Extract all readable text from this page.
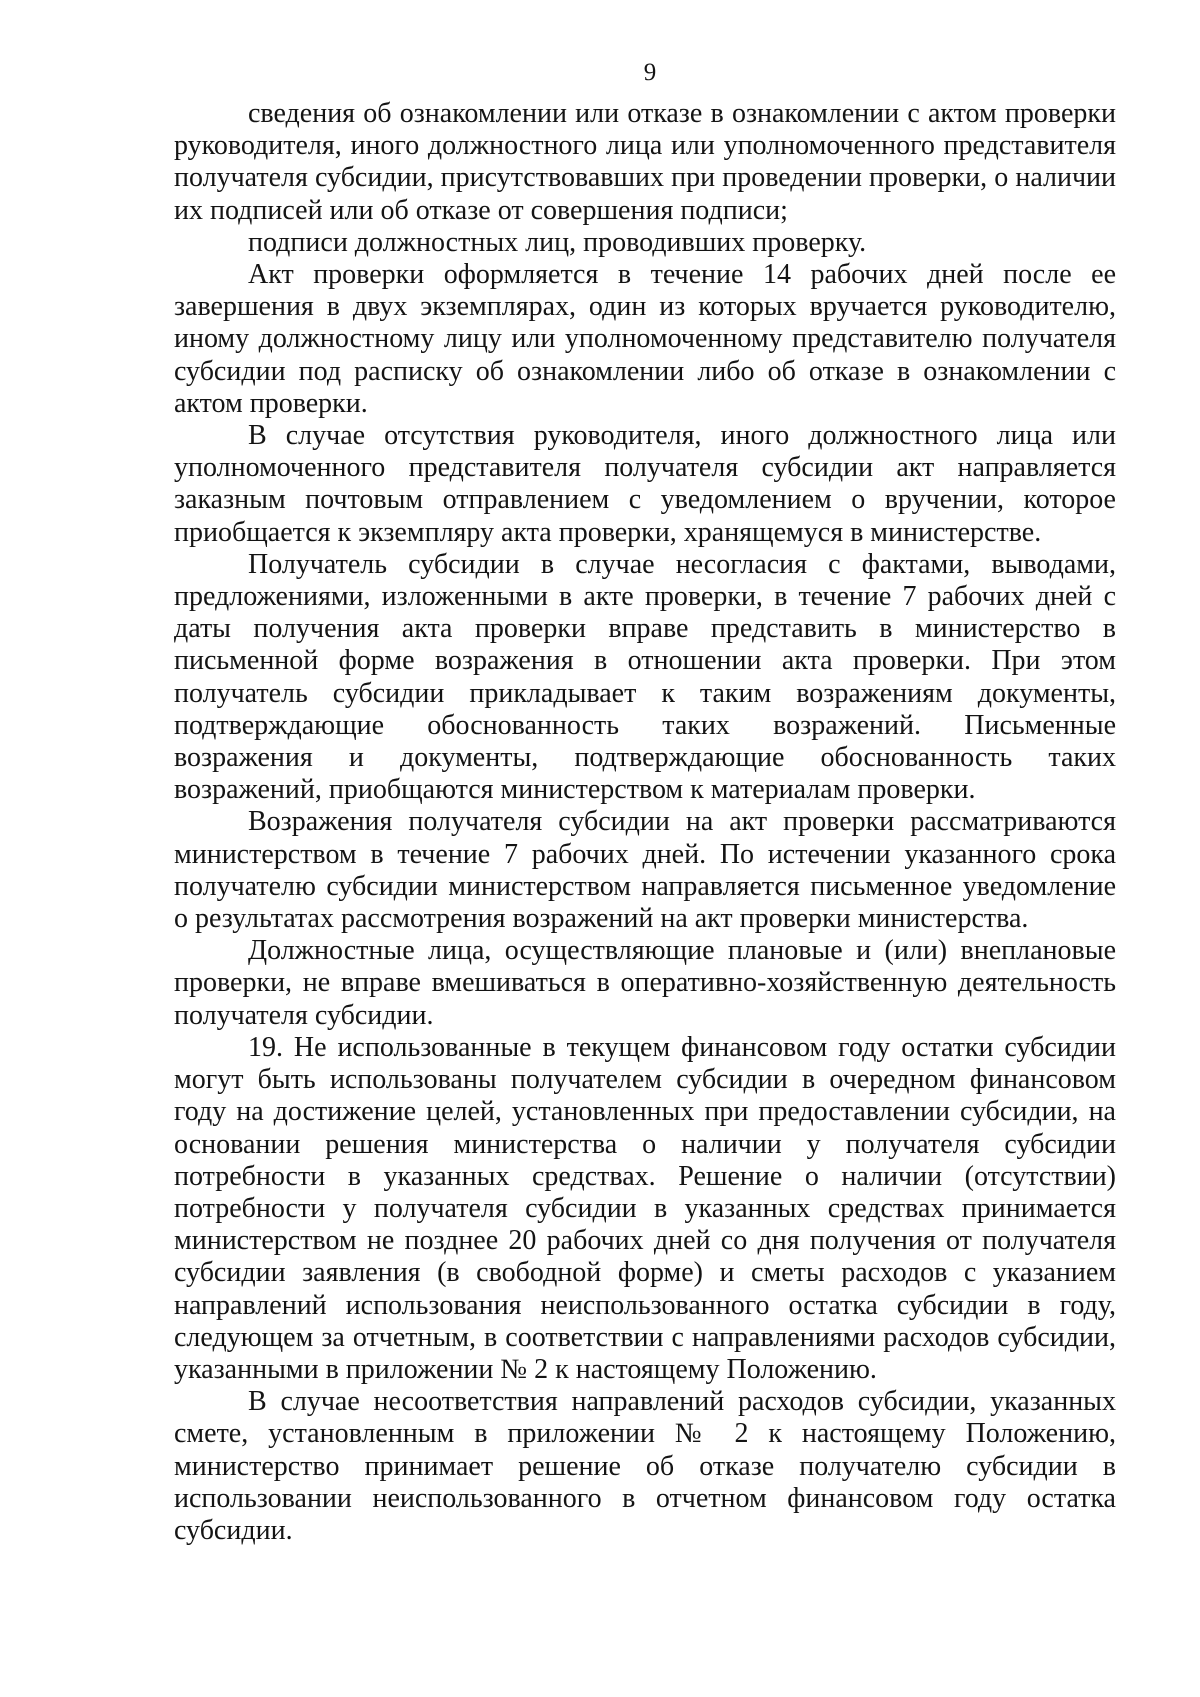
9

сведения об ознакомлении или отказе в ознакомлении с актом проверки руководителя, иного должностного лица или уполномоченного представителя получателя субсидии, присутствовавших при проведении проверки, о наличии их подписей или об отказе от совершения подписи;

подписи должностных лиц, проводивших проверку.

Акт проверки оформляется в течение 14 рабочих дней после ее завершения в двух экземплярах, один из которых вручается руководителю, иному должностному лицу или уполномоченному представителю получателя субсидии под расписку об ознакомлении либо об отказе в ознакомлении с актом проверки.

В случае отсутствия руководителя, иного должностного лица или уполномоченного представителя получателя субсидии акт направляется заказным почтовым отправлением с уведомлением о вручении, которое приобщается к экземпляру акта проверки, хранящемуся в министерстве.

Получатель субсидии в случае несогласия с фактами, выводами, предложениями, изложенными в акте проверки, в течение 7 рабочих дней с даты получения акта проверки вправе представить в министерство в письменной форме возражения в отношении акта проверки. При этом получатель субсидии прикладывает к таким возражениям документы, подтверждающие обоснованность таких возражений. Письменные возражения и документы, подтверждающие обоснованность таких возражений, приобщаются министерством к материалам проверки.

Возражения получателя субсидии на акт проверки рассматриваются министерством в течение 7 рабочих дней. По истечении указанного срока получателю субсидии министерством направляется письменное уведомление о результатах рассмотрения возражений на акт проверки министерства.

Должностные лица, осуществляющие плановые и (или) внеплановые проверки, не вправе вмешиваться в оперативно-хозяйственную деятельность получателя субсидии.

19. Не использованные в текущем финансовом году остатки субсидии могут быть использованы получателем субсидии в очередном финансовом году на достижение целей, установленных при предоставлении субсидии, на основании решения министерства о наличии у получателя субсидии потребности в указанных средствах. Решение о наличии (отсутствии) потребности у получателя субсидии в указанных средствах принимается министерством не позднее 20 рабочих дней со дня получения от получателя субсидии заявления (в свободной форме) и сметы расходов с указанием направлений использования неиспользованного остатка субсидии в году, следующем за отчетным, в соответствии с направлениями расходов субсидии, указанными в приложении № 2 к настоящему Положению.

В случае несоответствия направлений расходов субсидии, указанных смете, установленным в приложении № 2 к настоящему Положению, министерство принимает решение об отказе получателю субсидии в использовании неиспользованного в отчетном финансовом году остатка субсидии.
